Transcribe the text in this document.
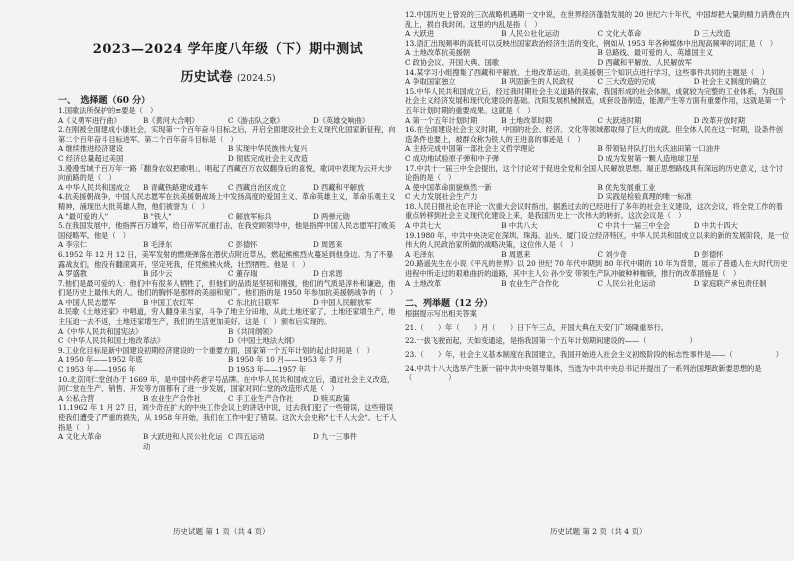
2023—2024 学年度八年级（下）期中测试
历史试卷 (2024.5)
一、　选择题（60 分）
1.国歌法所保护的≡要是（　）
A《义勇军进行曲》	B《黄河大合唱》	C《游击队之歌》	D《英雄交响曲》
2.在刚被全面建成小康社会，实现第一个百年奋斗目标之后，开启全面建设社会主义现代化国家新征程，向第二个百年奋斗目标进军。第二个百年奋斗目标是（　）
A 继续推进经济建设	B 实现中华民族伟大复兴
C 经济总量超过美国	D 彻底完成社会主义改造
3.漫漫雪域千百万年一路「翻身农奴把歌唱」，唱起了西藏百万农奴翻身后的喜悦，歌词中表现为云开大步向前路的是（　）
A 中华人民共和国成立	B 青藏铁路建成通车	C 西藏自治区成立	D 西藏和平解放
4.抗美援朝战争，中国人民志愿军在抗美援朝战场上中发扬高度的爱国主义、革命英雄主义，革命乐观主义精神，涌现出大批英雄人物，他们被誉为（　）
A "最可爱的人"	B "铁人"	C 解放军标兵	D 两弹元勋
5.在我国发展中，他指挥百万雄军，给日帝军沉重打击，在我党顾领导中，他是指挥中国人民志愿军打败美国侵略军。他是（　）
A 李宗仁	B 毛泽东	C 彭德怀	D 周恩来
6.1952 年 12 月 12 日，美军发射的燃烧弹落在潜伏点附近草丛，燃起熊熊烈火蔓延到他身边。为了不暴露战友们，他没有翻滚离开，坚定死我，任凭熊熊火烧，壮烈牺牲。他是（　）
A 罗盛教	B 邱少云	C 董存瑞	D 白求恩
7.他们是最可爱的人：他们中有很多人牺牲了，但他们的品质是坚韧和刚强，他们的气质是淳朴和谦逊，他们是历史上最伟大的人。他们的胸怀是那样的美丽和宽广。他们指的是 1950 年参加抗美援朝战争的（　）
A 中国人民志愿军	B 中国工农红军	C 东北抗日联军	D 中国人民解放军
8.民歌《土地还家》中唱道，穷人翻身来当家，斗争了地主分田地，从此土地还家了，土地还家增生产，地主压迫一去不返，土地还家增生产，我们的生活更加美好。这是（　）颁布后实现的。
A《中华人民共和国宪法》	B《共同纲领》
C《中华人民共和国土地改革法》	D《中国土地法大纲》
9.工业化目标是新中国建设初期经济建设的一个重要方面，国家第一个五年计划的起止时间是（　）
A 1950 年——1952 年底	B 1950 年 10 月——1953 年 7 月
C 1953 年——1956 年	D 1953 年——1957 年
10.北京同仁堂创办于 1669 年，是中国中药老字号品牌。在中华人民共和国成立后，通过社会主义改造，同仁堂在生产、销售、开发等方面都有了进一步发展，国家对同仁堂的改造形式是（　）
A 公私合营	B 农业生产合作社	C 手工业生产合作社	D 赎买政策
11.1962 年 1 月 27 日，刘少奇在扩大的中央工作会议上的讲话中说，过去我们犯了一些错误，这些错误使我们遭受了严重的损失，从 1958 年开始，我们在工作中犯了错误。这次大会史称"七千人大会"。七千人指是（　）
A 文化大革命	B 大跃进和人民公社化运动
C 四五运动	D 九一三事件
历史试题 第 1 页（共 4 页）
12.中国历史上曾说的三次战略机遇期一文中说，在世界经济蓬勃发展的 20 世纪六十年代，中国却把大量的精力消费在内乱上，损自我封闭。这里的内乱是指（　）
A 大跃进	B 人民公社化运动	C 文化大革命	D 三大改造
13.语汇出现频率的高低可以反映出国家政治经济生活的变化，例如从 1953 年各种媒体中出现高频率的词汇是（　）
A 土地改革抗美援朝	B 总路线、最可爱的人、英雄国主义
C 政协会议、开国大典、国歌	D 西藏和平解放、人民解放军
14.某学习小组搜集了西藏和平解放、土地改革运动、抗美援朝三个知识点进行学习，这些事件共同的主题是（　）
A 争取国家独立	B 巩固新生的人民政权	C 三大改造的完成	D 社会主义制度的确立
15.中华人民共和国成立后，经过我时期社会主义道路的探索，我国形成的社会体制，成就较为完整的工业体系，为我国社会主义经济发展和现代化建设的基础。沈阳发展机械制造，成套设备制造，能源产生等方面有重要作用，这就是第一个五年计划时期的重要成果。这就是（　）
A 第一个五年计划时期	B 土地改革时期	C 大跃进时期	D 改革开放时期
16.在全面建设社会主义时期，中国的社会、经济、文化等领域都取得了巨大的成就。但全体人民在这一时期，设条件创造条件也要上，被群众称为铁人的王进喜的事迹是（　）
A 主持完成中国第一部社会主义哲学理论	B 带领钻井队打出大庆油田第一口油井
C 成功地试验原子弹和中子弹	D 成为发射第一颗人造地球卫星
17.中共十一届三中全会提出，这个讨论对于促进全党和全国人民解放思想、端正思想路线具有深远的历史意义，这个讨论指的是（　）
A 使中国革命面貌焕然一新	B 优先发展重工业
C 大力发展社会生产力	D 实践是检验真理的唯一标准
18.人民日报社论在评论一次重大会议时指出，据悉过去的已经进行了多年的社会主义建设，这次会议，将全党工作的着重点转移到社会主义现代化建设上来，是我国历史上一次伟大的转折。这次会议是（　）
A 中共七大	B 中共八大	C 中共十一届三中全会	D 中共十四大
19.1980 年，中共中央决定在深圳、珠海、汕头、厦门设立经济特区，中华人民共和国成立以来的新的发展阶段，是一位伟大的人民政治家所做的战略决策，这位伟人是（　）
A 毛泽东	B 周恩来	C 刘少奇	D 彭德怀
20.路遥先生在小说《平凡的世界》以 20 世纪 70 年代中期到 80 年代中期的 10 年为背景，展示了普通人在大时代历史进程中所走过的艰难曲折的道路，其中主人公 孙少安 带领生产队冲破种种枷锁，推行的改革措施是（　）
A 土地改革	B 农业生产合作化	C 人民公社化运动	D 家庭联产承包责任制
二、列举题（12 分）
根据提示写出相关答案
21.（　　）年（　　）月（　　）日下午三点，开国大典在天安门广场隆重举行。
22.一拔飞驶而起，天如变通途，是指我国第一个五年计划期间建设的——（　　　　　　）
23.（　　）年，社会主义基本制度在我国建立，我国开始进入社会主义初级阶段的标志性事件是——（　　　　　　）
24.中共十八大选举产生新一届中共中央领导集体，当选为中共中央总书记并提出了一系列治国理政新要思想的是（　　　　　）
历史试题 第 2 页（共 4 页）
